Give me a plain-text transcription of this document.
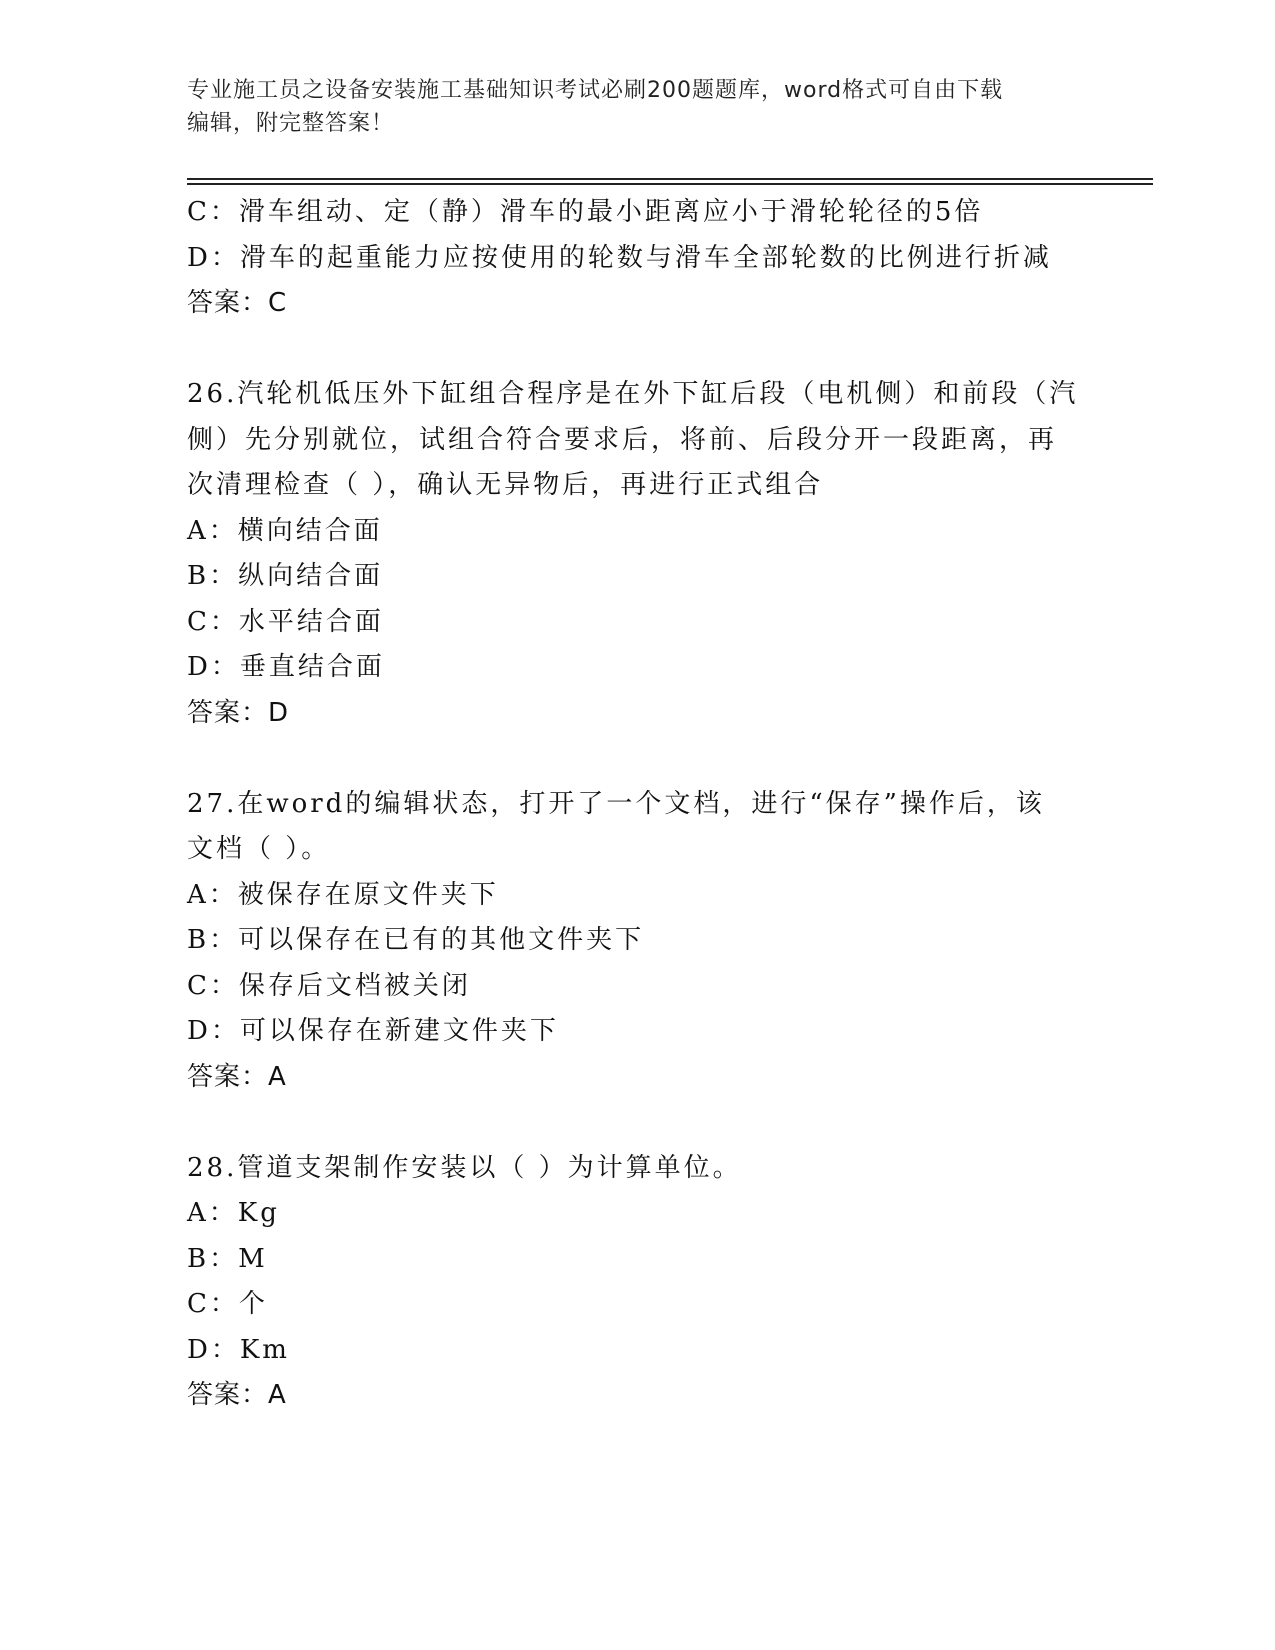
专业施工员之设备安装施工基础知识考试必刷200题题库，word格式可自由下载
编辑，附完整答案！
C：滑车组动、定（静）滑车的最小距离应小于滑轮轮径的5倍
D：滑车的起重能力应按使用的轮数与滑车全部轮数的比例进行折减
答案：C
26.汽轮机低压外下缸组合程序是在外下缸后段（电机侧）和前段（汽
侧）先分别就位，试组合符合要求后，将前、后段分开一段距离，再
次清理检查（ ），确认无异物后，再进行正式组合
A：横向结合面
B：纵向结合面
C：水平结合面
D：垂直结合面
答案：D
27.在word的编辑状态，打开了一个文档，进行“保存”操作后，该
文档（ ）。
A：被保存在原文件夹下
B：可以保存在已有的其他文件夹下
C：保存后文档被关闭
D：可以保存在新建文件夹下
答案：A
28.管道支架制作安装以（ ）为计算单位。
A：Kg
B：M
C：个
D：Km
答案：A
